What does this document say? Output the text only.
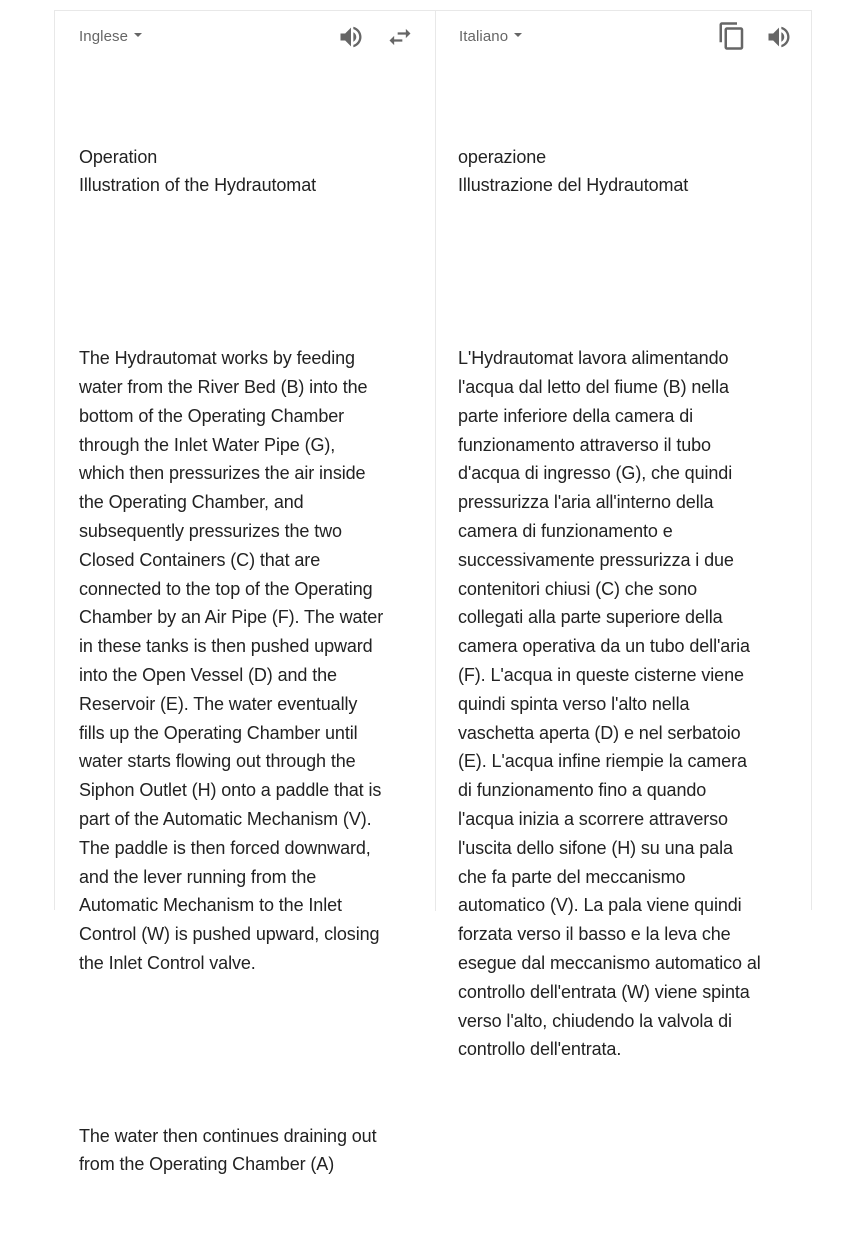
Inglese

Operation
Illustration of the Hydrautomat

The Hydrautomat works by feeding
water from the River Bed (B) into the
bottom of the Operating Chamber
through the Inlet Water Pipe (G),
which then pressurizes the air inside
the Operating Chamber, and
subsequently pressurizes the two
Closed Containers (C) that are
connected to the top of the Operating
Chamber by an Air Pipe (F). The water
in these tanks is then pushed upward
into the Open Vessel (D) and the
Reservoir (E). The water eventually
fills up the Operating Chamber until
water starts flowing out through the
Siphon Outlet (H) onto a paddle that is
part of the Automatic Mechanism (V).
The paddle is then forced downward,
and the lever running from the
Automatic Mechanism to the Inlet
Control (W) is pushed upward, closing
the Inlet Control valve.

The water then continues draining out
from the Operating Chamber (A)

Italiano

operazione
Illustrazione del Hydrautomat

L'Hydrautomat lavora alimentando
l'acqua dal letto del fiume (B) nella
parte inferiore della camera di
funzionamento attraverso il tubo
d'acqua di ingresso (G), che quindi
pressurizza l'aria all'interno della
camera di funzionamento e
successivamente pressurizza i due
contenitori chiusi (C) che sono
collegati alla parte superiore della
camera operativa da un tubo dell'aria
(F). L'acqua in queste cisterne viene
quindi spinta verso l'alto nella
vaschetta aperta (D) e nel serbatoio
(E). L'acqua infine riempie la camera
di funzionamento fino a quando
l'acqua inizia a scorrere attraverso
l'uscita dello sifone (H) su una pala
che fa parte del meccanismo
automatico (V). La pala viene quindi
forzata verso il basso e la leva che
esegue dal meccanismo automatico al
controllo dell'entrata (W) viene spinta
verso l'alto, chiudendo la valvola di
controllo dell'entrata.
